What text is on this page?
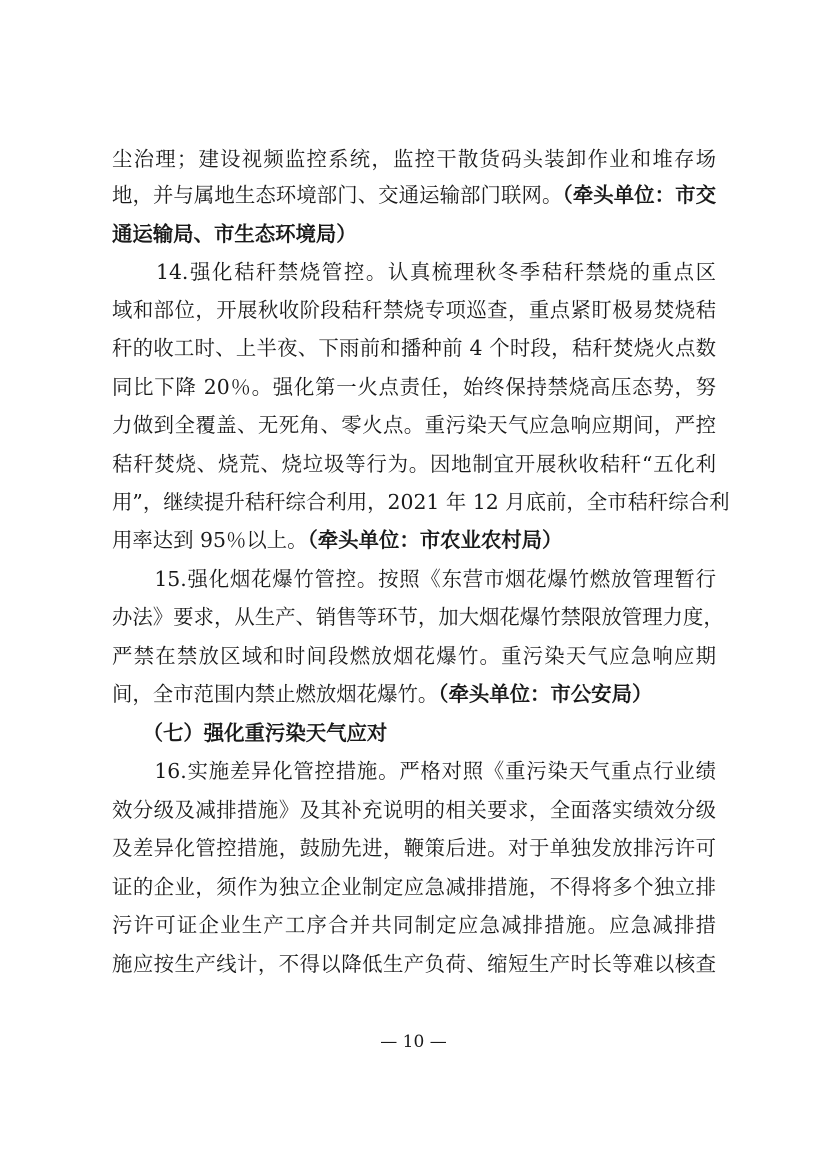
尘治理；建设视频监控系统，监控干散货码头装卸作业和堆存场
地，并与属地生态环境部门、交通运输部门联网。（牵头单位：市交
通运输局、市生态环境局）
　　14.强化秸秆禁烧管控。认真梳理秋冬季秸秆禁烧的重点区
域和部位，开展秋收阶段秸秆禁烧专项巡查，重点紧盯极易焚烧秸
秆的收工时、上半夜、下雨前和播种前 4 个时段，秸秆焚烧火点数
同比下降 20％。强化第一火点责任，始终保持禁烧高压态势，努
力做到全覆盖、无死角、零火点。重污染天气应急响应期间，严控
秸秆焚烧、烧荒、烧垃圾等行为。因地制宜开展秋收秸秆“五化利
用”，继续提升秸秆综合利用，2021 年 12 月底前，全市秸秆综合利
用率达到 95％以上。（牵头单位：市农业农村局）
　　15.强化烟花爆竹管控。按照《东营市烟花爆竹燃放管理暂行
办法》要求，从生产、销售等环节，加大烟花爆竹禁限放管理力度，
严禁在禁放区域和时间段燃放烟花爆竹。重污染天气应急响应期
间，全市范围内禁止燃放烟花爆竹。（牵头单位：市公安局）
　　（七）强化重污染天气应对
　　16.实施差异化管控措施。严格对照《重污染天气重点行业绩
效分级及减排措施》及其补充说明的相关要求，全面落实绩效分级
及差异化管控措施，鼓励先进，鞭策后进。对于单独发放排污许可
证的企业，须作为独立企业制定应急减排措施，不得将多个独立排
污许可证企业生产工序合并共同制定应急减排措施。应急减排措
施应按生产线计，不得以降低生产负荷、缩短生产时长等难以核查
— 10 —
